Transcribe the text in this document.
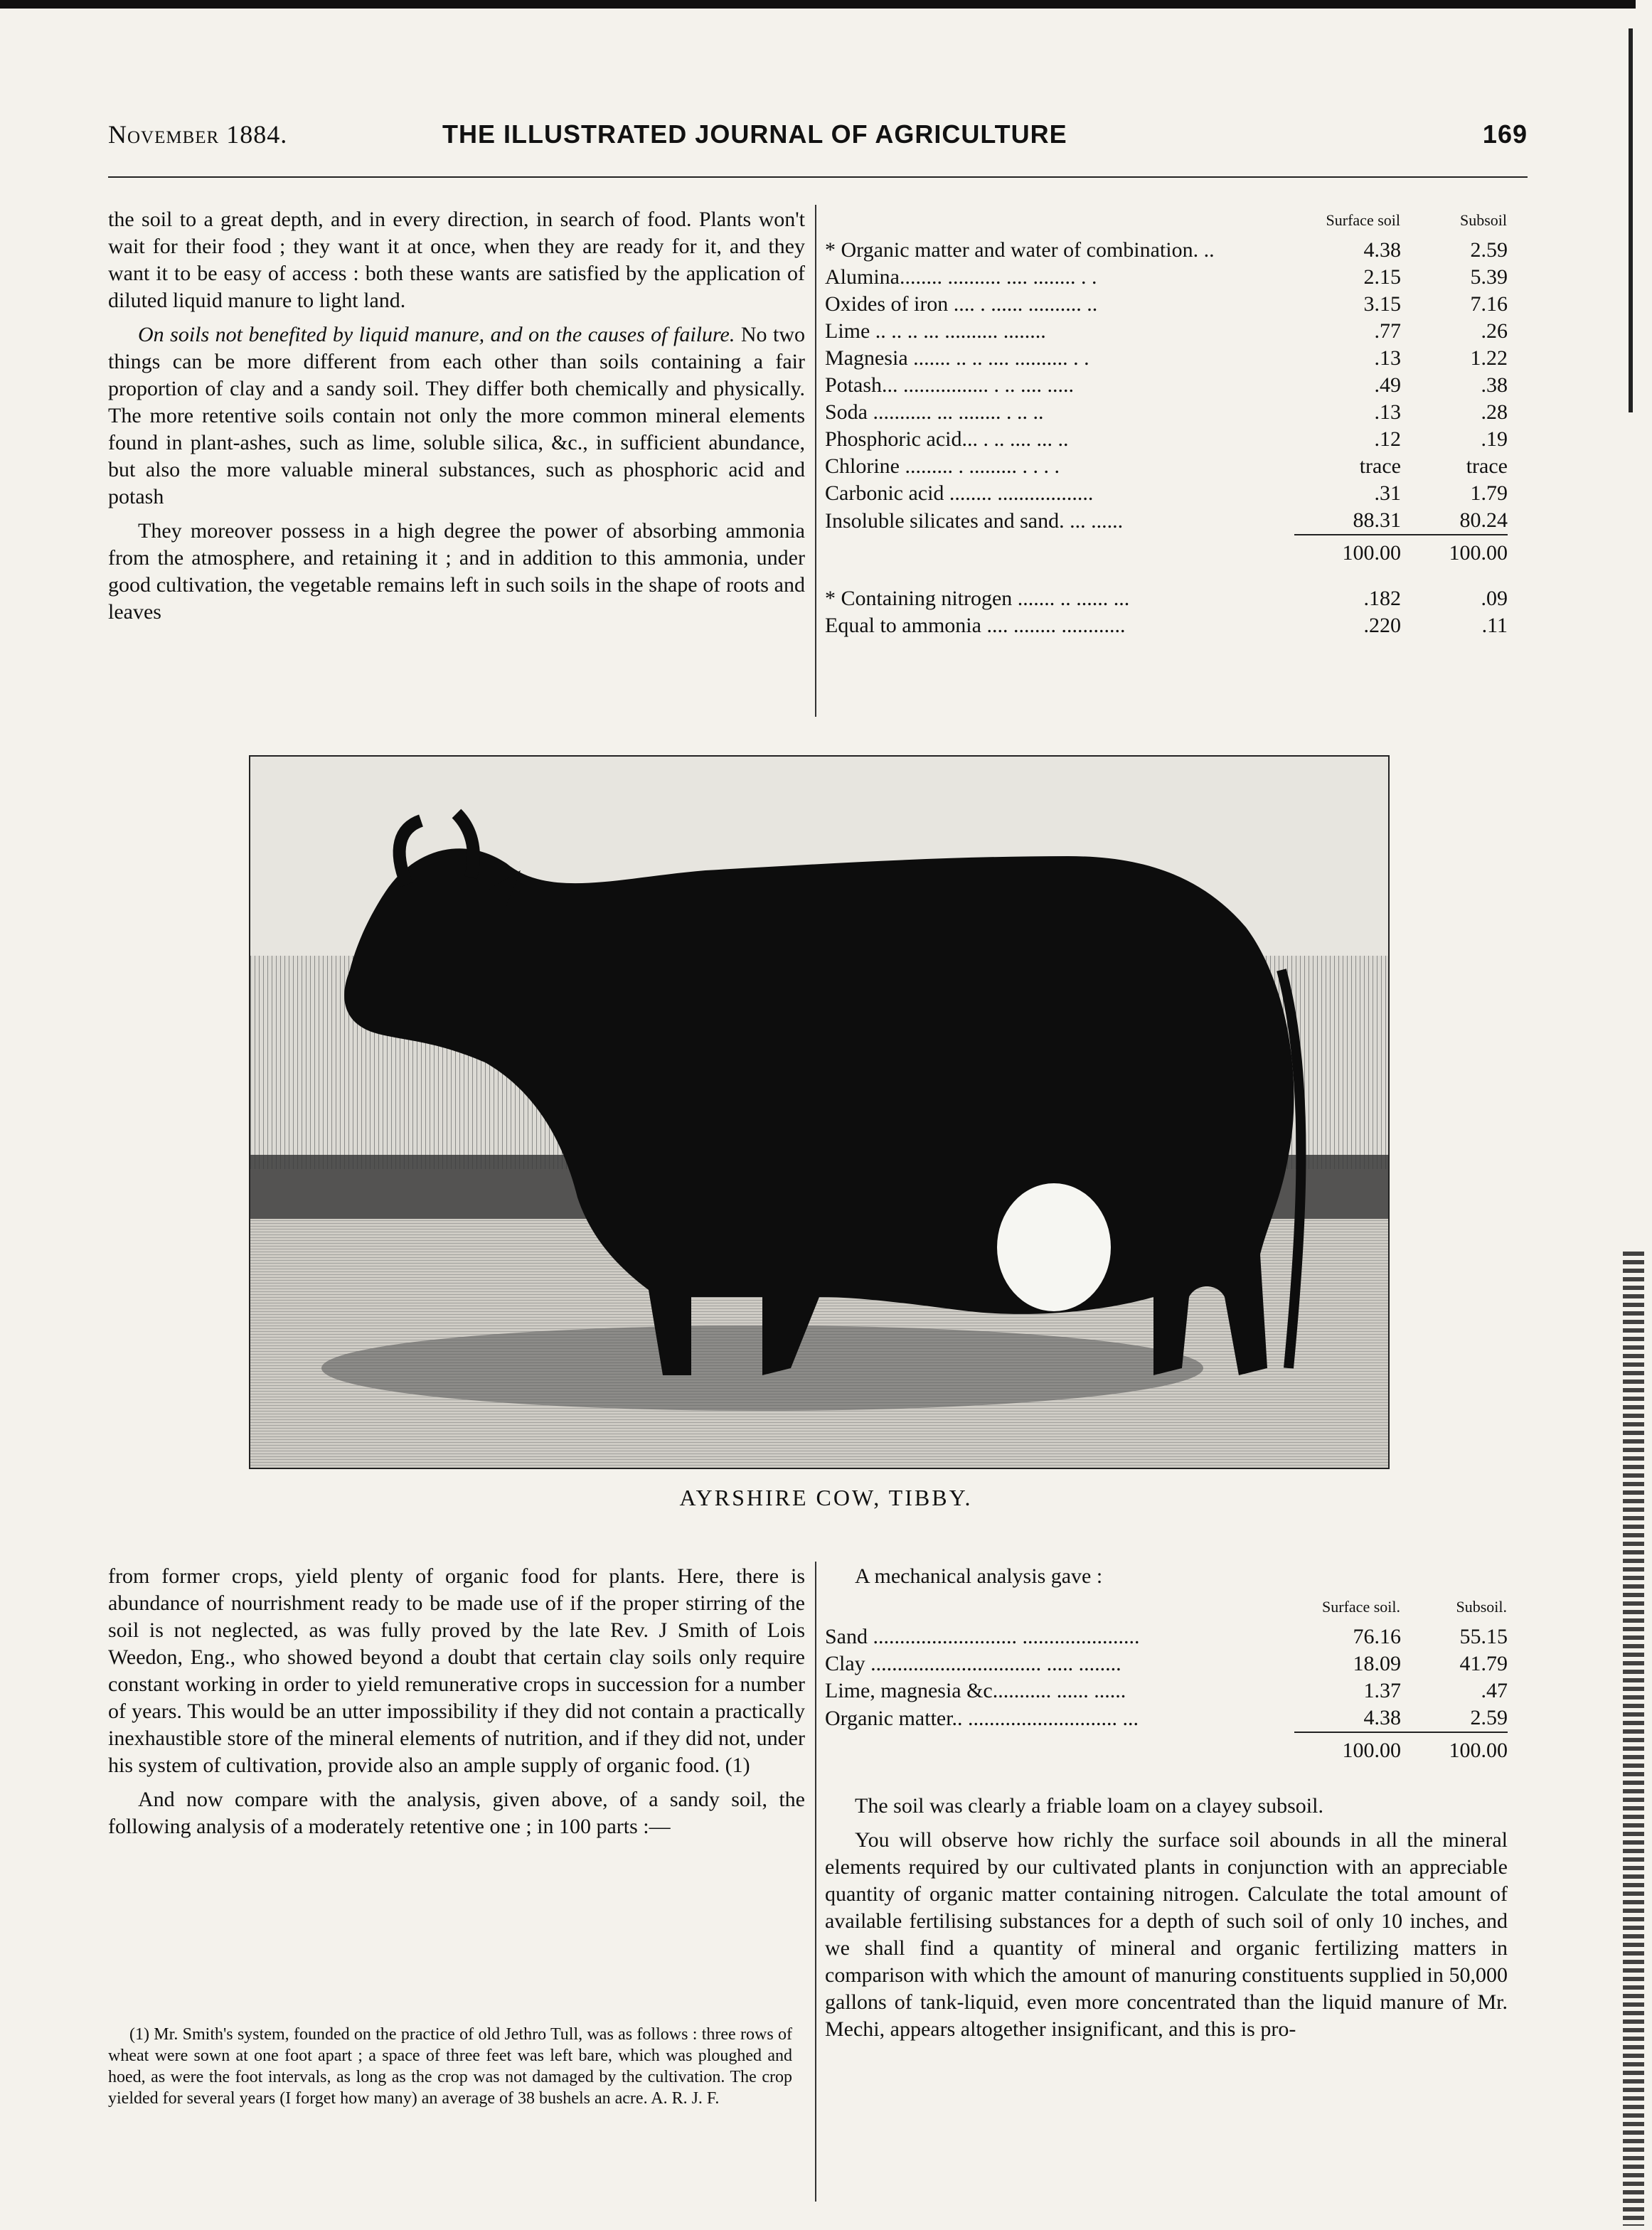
November 1884.	THE ILLUSTRATED JOURNAL OF AGRICULTURE	169

the soil to a great depth, and in every direction, in search of food. Plants won't wait for their food ; they want it at once, when they are ready for it, and they want it to be easy of access : both these wants are satisfied by the application of diluted liquid manure to light land.

On soils not benefited by liquid manure, and on the causes of failure. No two things can be more different from each other than soils containing a fair proportion of clay and a sandy soil. They differ both chemically and physically. The more retentive soils contain not only the more common mineral elements found in plant-ashes, such as lime, soluble silica, &c., in sufficient abundance, but also the more valuable mineral substances, such as phosphoric acid and potash

They moreover possess in a high degree the power of absorbing ammonia from the atmosphere, and retaining it ; and in addition to this ammonia, under good cultivation, the vegetable remains left in such soils in the shape of roots and leaves

	Surface soil	Subsoil
* Organic matter and water of combination. ..	4.38	2.59
Alumina........ .......... .... ........ . .	2.15	5.39
Oxides of iron .... . ...... .......... ..	3.15	7.16
Lime .. .. .. ... .......... ........	.77	.26
Magnesia ....... .. .. .... .......... . .	.13	1.22
Potash... ................ . .. .... .....	.49	.38
Soda ........... ... ........ . .. ..	.13	.28
Phosphoric acid... . .. .... ... ..	.12	.19
Chlorine ......... . ......... . . . .	trace	trace
Carbonic acid ........ ..................	.31	1.79
Insoluble silicates and sand. ... ......	88.31	80.24
	100.00	100.00

* Containing nitrogen ....... .. ...... ...	.182	.09
Equal to ammonia .... ........ ............	.220	.11
AYRSHIRE COW, TIBBY.

from former crops, yield plenty of organic food for plants. Here, there is abundance of nourrishment ready to be made use of if the proper stirring of the soil is not neglected, as was fully proved by the late Rev. J Smith of Lois Weedon, Eng., who showed beyond a doubt that certain clay soils only require constant working in order to yield remunerative crops in succession for a number of years. This would be an utter impossibility if they did not contain a practically inexhaustible store of the mineral elements of nutrition, and if they did not, under his system of cultivation, provide also an ample supply of organic food. (1)

And now compare with the analysis, given above, of a sandy soil, the following analysis of a moderately retentive one ; in 100 parts :—

(1) Mr. Smith's system, founded on the practice of old Jethro Tull, was as follows : three rows of wheat were sown at one foot apart ; a space of three feet was left bare, which was ploughed and hoed, as were the foot intervals, as long as the crop was not damaged by the cultivation. The crop yielded for several years (I forget how many) an average of 38 bushels an acre. A. R. J. F.

A mechanical analysis gave :

	Surface soil.	Subsoil.
Sand ........................... ......................	76.16	55.15
Clay ................................ ..... ........	18.09	41.79
Lime, magnesia &c........... ...... ......	1.37	.47
Organic matter.. ............................ ...	4.38	2.59
	100.00	100.00

The soil was clearly a friable loam on a clayey subsoil.

You will observe how richly the surface soil abounds in all the mineral elements required by our cultivated plants in conjunction with an appreciable quantity of organic matter containing nitrogen. Calculate the total amount of available fertilising substances for a depth of such soil of only 10 inches, and we shall find a quantity of mineral and organic fertilizing matters in comparison with which the amount of manuring constituents supplied in 50,000 gallons of tank-liquid, even more concentrated than the liquid manure of Mr. Mechi, appears altogether insignificant, and this is pro-
